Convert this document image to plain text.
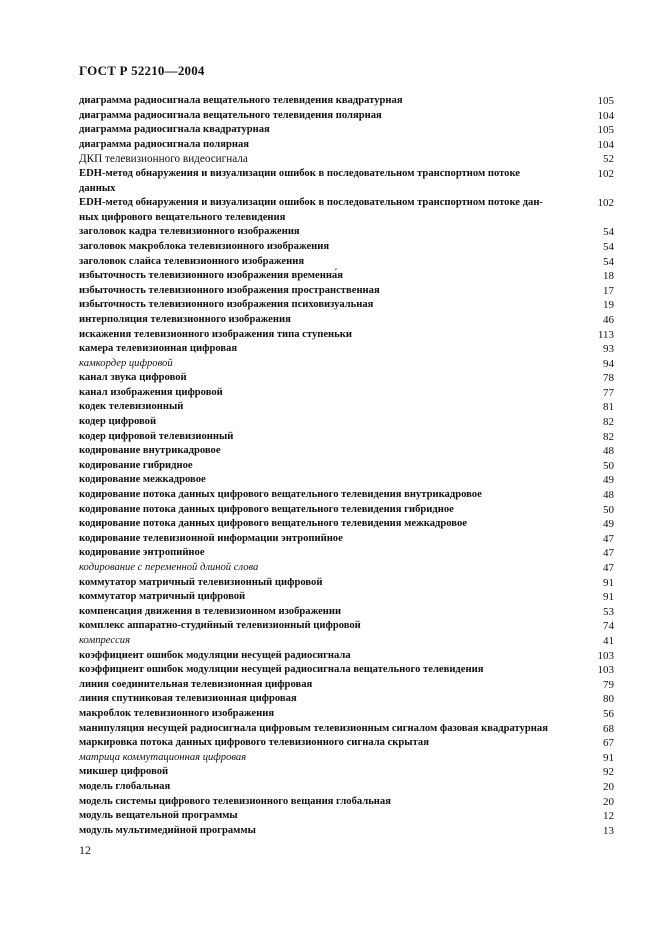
ГОСТ Р 52210—2004
диаграмма радиосигнала вещательного телевидения квадратурная	105
диаграмма радиосигнала вещательного телевидения полярная	104
диаграмма радиосигнала квадратурная	105
диаграмма радиосигнала полярная	104
ДКП телевизионного видеосигнала	52
EDH-метод обнаружения и визуализации ошибок в последовательном транспортном потоке	102
данных
EDH-метод обнаружения и визуализации ошибок в последовательном транспортном потоке дан-	102
ных цифрового вещательного телевидения
заголовок кадра телевизионного изображения	54
заголовок макроблока телевизионного изображения	54
заголовок слайса телевизионного изображения	54
избыточность телевизионного изображения временна́я	18
избыточность телевизионного изображения пространственная	17
избыточность телевизионного изображения психовизуальная	19
интерполяция телевизионного изображения	46
искажения телевизионного изображения типа ступеньки	113
камера телевизионная цифровая	93
камкордер цифровой	94
канал звука цифровой	78
канал изображения цифровой	77
кодек телевизионный	81
кодер цифровой	82
кодер цифровой телевизионный	82
кодирование внутрикадровое	48
кодирование гибридное	50
кодирование межкадровое	49
кодирование потока данных цифрового вещательного телевидения внутрикадровое	48
кодирование потока данных цифрового вещательного телевидения гибридное	50
кодирование потока данных цифрового вещательного телевидения межкадровое	49
кодирование телевизионной информации энтропийное	47
кодирование энтропийное	47
кодирование с переменной длиной слова	47
коммутатор матричный телевизионный цифровой	91
коммутатор матричный цифровой	91
компенсация движения в телевизионном изображении	53
комплекс аппаратно-студийный телевизионный цифровой	74
компрессия	41
коэффициент ошибок модуляции несущей радиосигнала	103
коэффициент ошибок модуляции несущей радиосигнала вещательного телевидения	103
линия соединительная телевизионная цифровая	79
линия спутниковая телевизионная цифровая	80
макроблок телевизионного изображения	56
манипуляция несущей радиосигнала цифровым телевизионным сигналом фазовая квадратурная	68
маркировка потока данных цифрового телевизионного сигнала скрытая	67
матрица коммутационная цифровая	91
микшер цифровой	92
модель глобальная	20
модель системы цифрового телевизионного вещания глобальная	20
модуль вещательной программы	12
модуль мультимедийной программы	13
12
